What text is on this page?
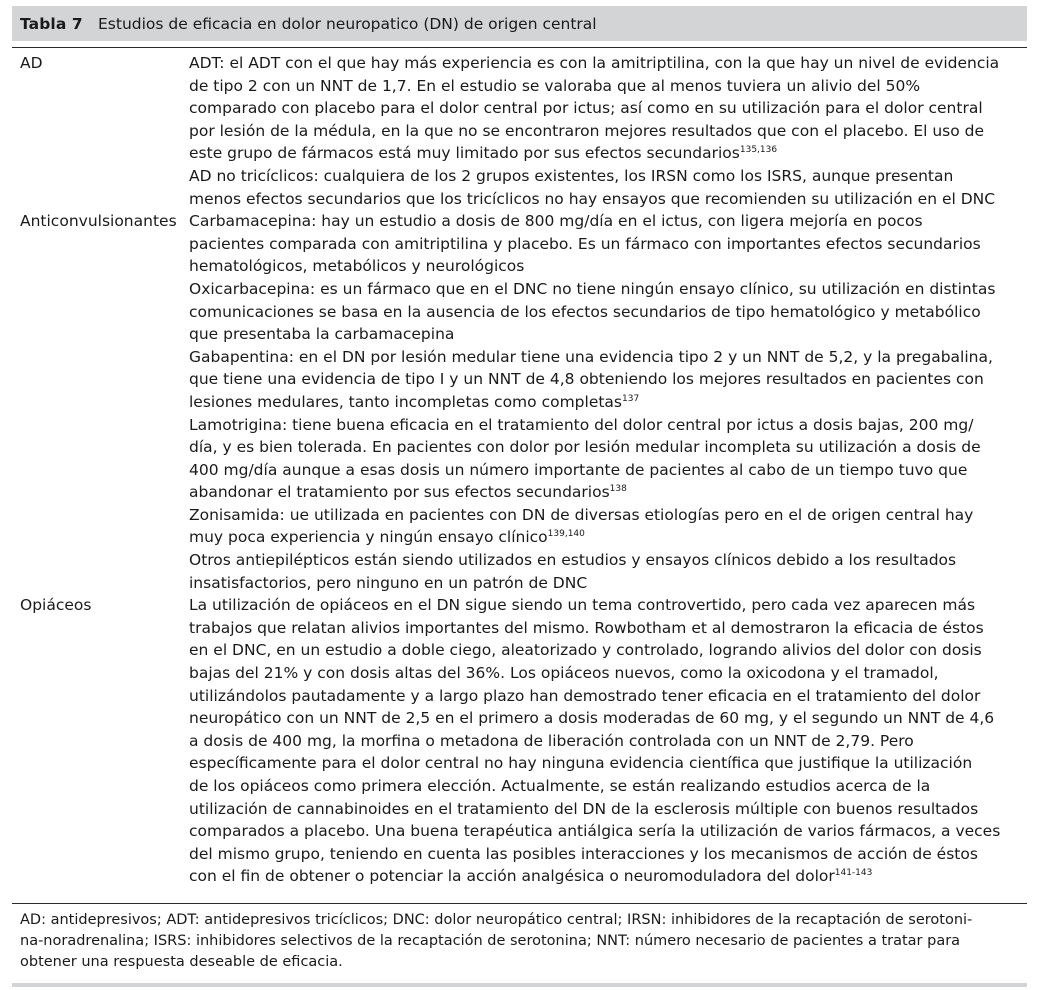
Tabla 7 Estudios de eficacia en dolor neuropatico (DN) de origen central
AD	ADT: el ADT con el que hay más experiencia es con la amitriptilina, con la que hay un nivel de evidencia
de tipo 2 con un NNT de 1,7. En el estudio se valoraba que al menos tuviera un alivio del 50%
comparado con placebo para el dolor central por ictus; así como en su utilización para el dolor central
por lesión de la médula, en la que no se encontraron mejores resultados que con el placebo. El uso de
este grupo de fármacos está muy limitado por sus efectos secundarios$^{135,136}$
AD no tricíclicos: cualquiera de los 2 grupos existentes, los IRSN como los ISRS, aunque presentan
menos efectos secundarios que los tricíclicos no hay ensayos que recomienden su utilización en el DNC
Anticonvulsionantes Carbamacepina: hay un estudio a dosis de 800 mg/día en el ictus, con ligera mejoría en pocos
pacientes comparada con amitriptilina y placebo. Es un fármaco con importantes efectos secundarios
hematológicos, metabólicos y neurológicos
Oxicarbacepina: es un fármaco que en el DNC no tiene ningún ensayo clínico, su utilización en distintas
comunicaciones se basa en la ausencia de los efectos secundarios de tipo hematológico y metabólico
que presentaba la carbamacepina
Gabapentina: en el DN por lesión medular tiene una evidencia tipo 2 y un NNT de 5,2, y la pregabalina,
que tiene una evidencia de tipo I y un NNT de 4,8 obteniendo los mejores resultados en pacientes con
lesiones medulares, tanto incompletas como completas$^{137}$
Lamotrigina: tiene buena eficacia en el tratamiento del dolor central por ictus a dosis bajas, 200 mg/
día, y es bien tolerada. En pacientes con dolor por lesión medular incompleta su utilización a dosis de
400 mg/día aunque a esas dosis un número importante de pacientes al cabo de un tiempo tuvo que
abandonar el tratamiento por sus efectos secundarios$^{138}$
Zonisamida: ue utilizada en pacientes con DN de diversas etiologías pero en el de origen central hay
muy poca experiencia y ningún ensayo clínico$^{139,140}$
Otros antiepilépticos están siendo utilizados en estudios y ensayos clínicos debido a los resultados
insatisfactorios, pero ninguno en un patrón de DNC
Opiáceos	La utilización de opiáceos en el DN sigue siendo un tema controvertido, pero cada vez aparecen más
trabajos que relatan alivios importantes del mismo. Rowbotham et al demostraron la eficacia de éstos
en el DNC, en un estudio a doble ciego, aleatorizado y controlado, logrando alivios del dolor con dosis
bajas del 21% y con dosis altas del 36%. Los opiáceos nuevos, como la oxicodona y el tramadol,
utilizándolos pautadamente y a largo plazo han demostrado tener eficacia en el tratamiento del dolor
neuropático con un NNT de 2,5 en el primero a dosis moderadas de 60 mg, y el segundo un NNT de 4,6
a dosis de 400 mg, la morfina o metadona de liberación controlada con un NNT de 2,79. Pero
específicamente para el dolor central no hay ninguna evidencia científica que justifique la utilización
de los opiáceos como primera elección. Actualmente, se están realizando estudios acerca de la
utilización de cannabinoides en el tratamiento del DN de la esclerosis múltiple con buenos resultados
comparados a placebo. Una buena terapéutica antiálgica sería la utilización de varios fármacos, a veces
del mismo grupo, teniendo en cuenta las posibles interacciones y los mecanismos de acción de éstos
con el fin de obtener o potenciar la acción analgésica o neuromoduladora del dolor$^{141-143}$
AD: antidepresivos; ADT: antidepresivos tricíclicos; DNC: dolor neuropático central; IRSN: inhibidores de la recaptación de serotoni-
na-noradrenalina; ISRS: inhibidores selectivos de la recaptación de serotonina; NNT: número necesario de pacientes a tratar para
obtener una respuesta deseable de eficacia.
